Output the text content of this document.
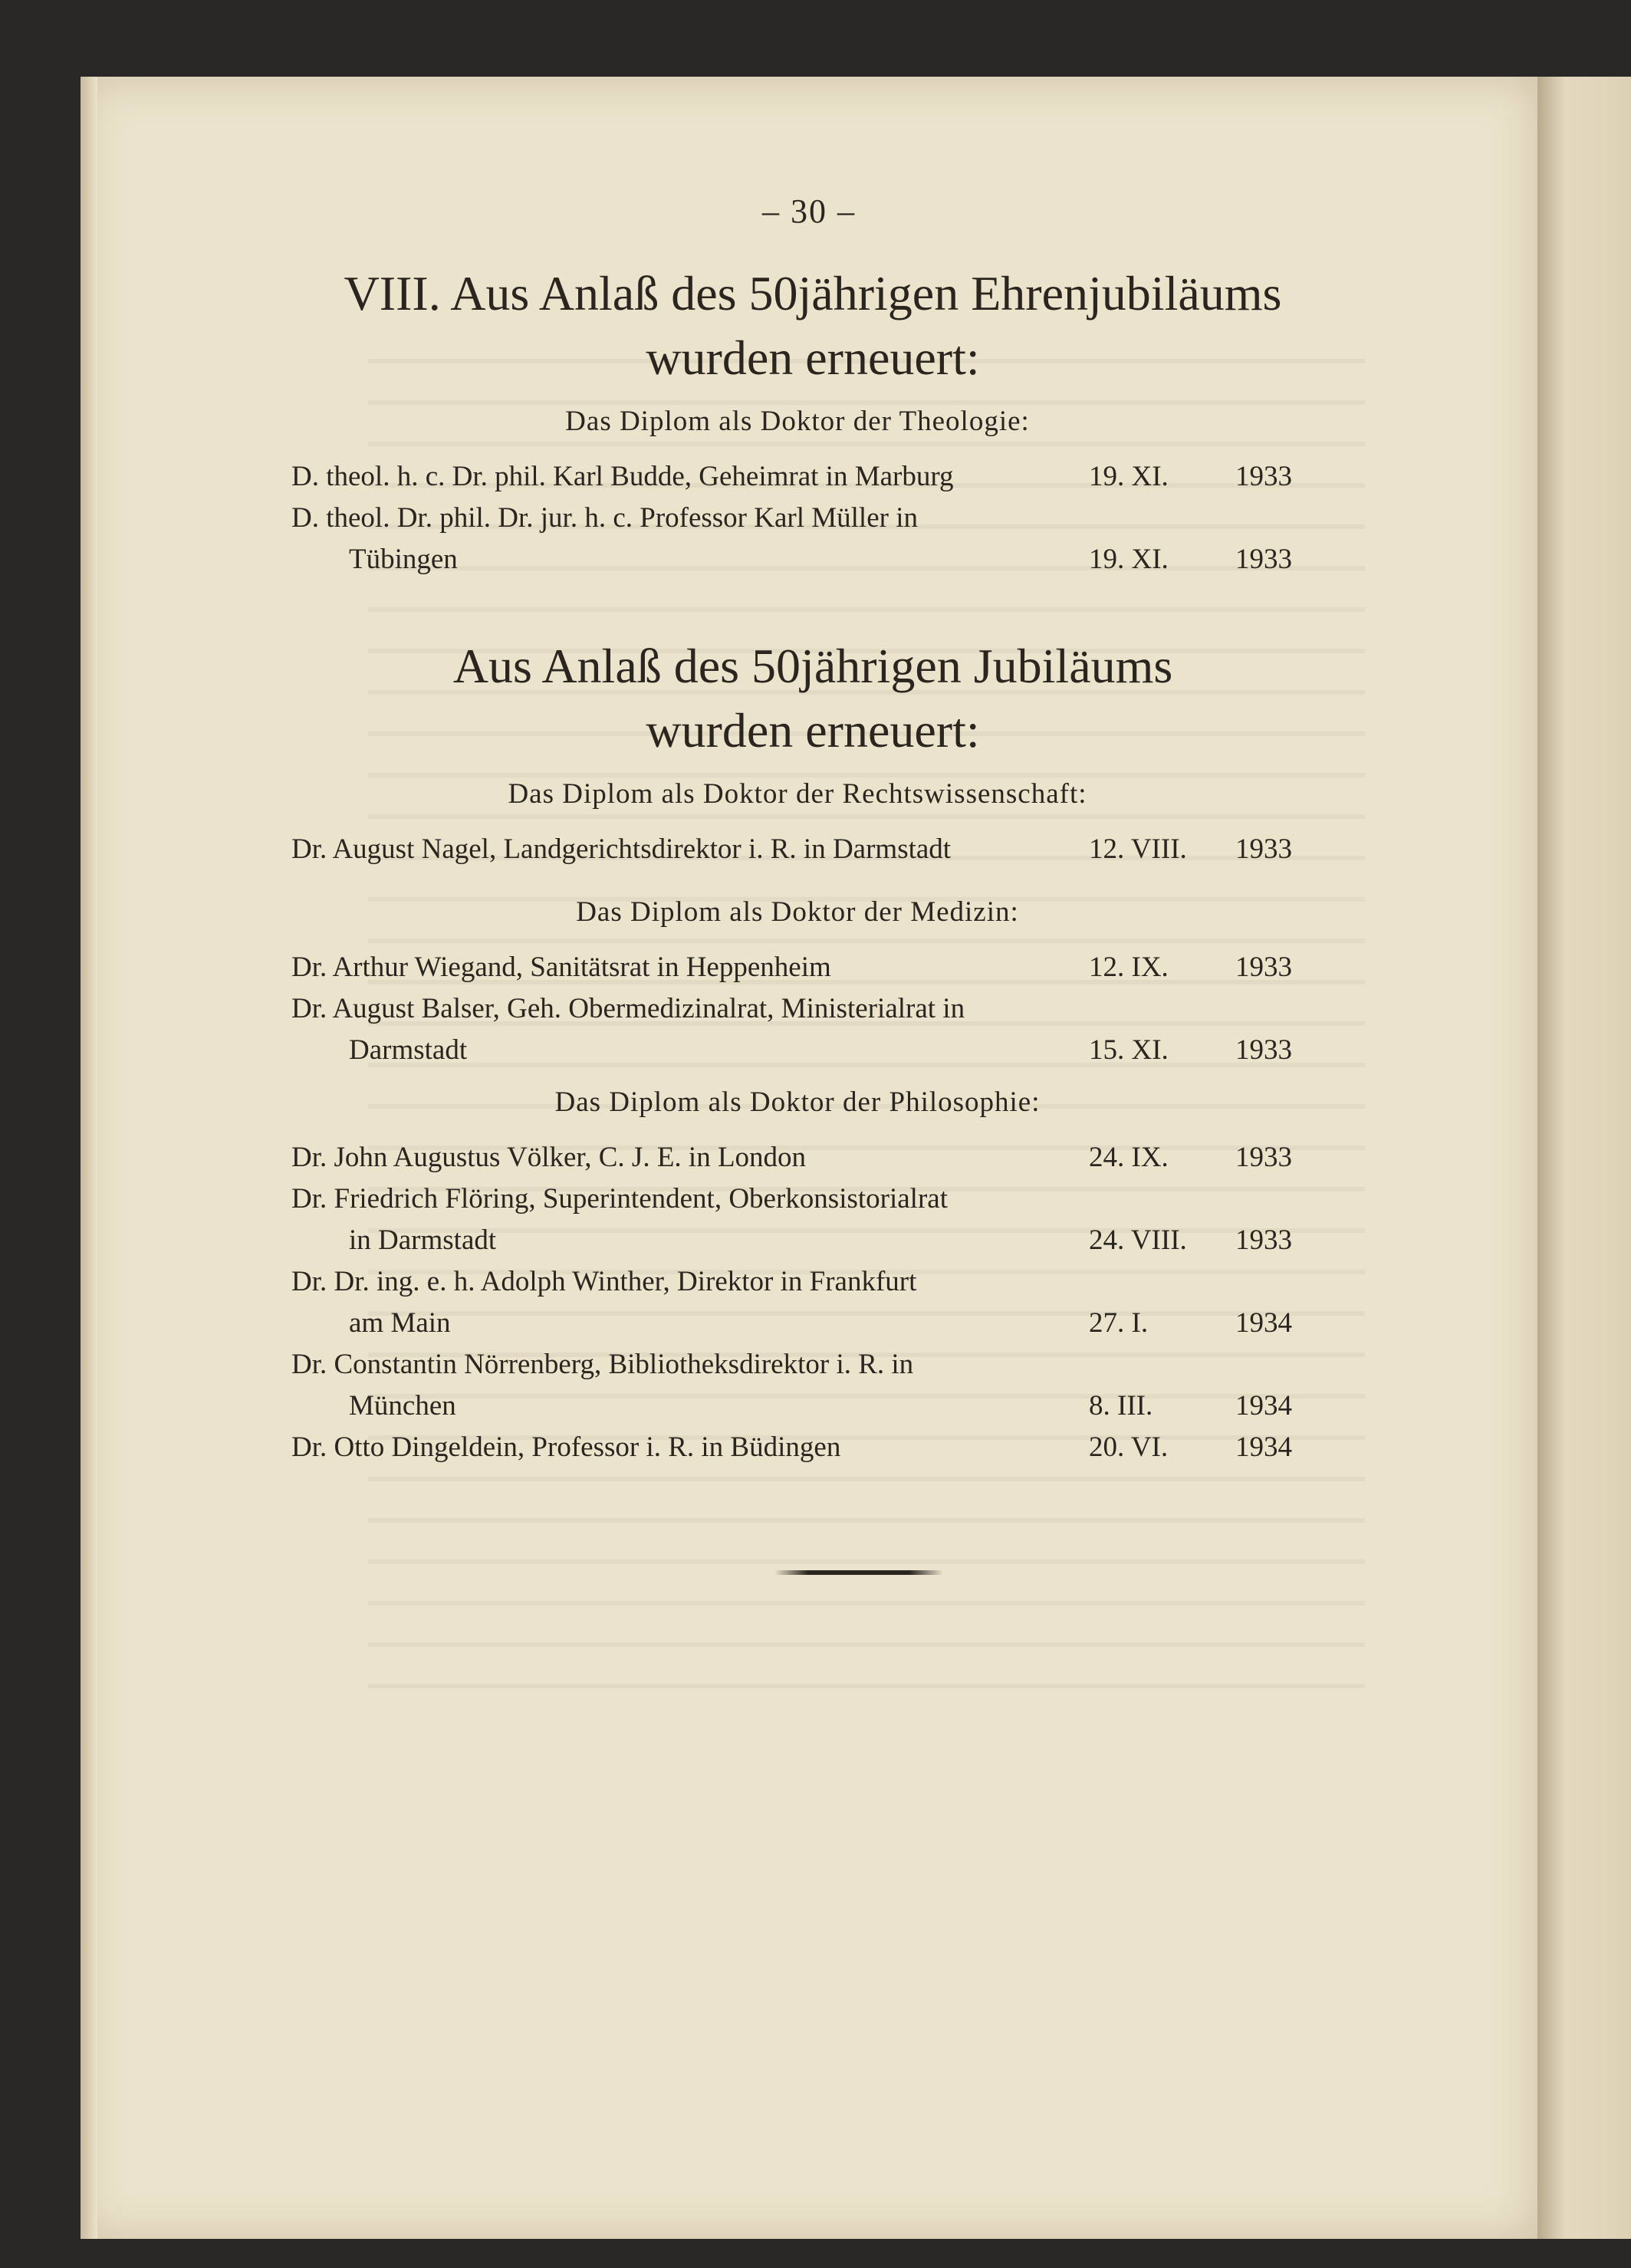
– 30 –
VIII. Aus Anlaß des 50jährigen Ehrenjubiläums
wurden erneuert:
Das Diplom als Doktor der Theologie:
D. theol. h. c. Dr. phil. Karl Budde, Geheimrat in Marburg	19. XI.	1933
D. theol. Dr. phil. Dr. jur. h. c. Professor Karl Müller in
Tübingen	19. XI.	1933
Aus Anlaß des 50jährigen Jubiläums
wurden erneuert:
Das Diplom als Doktor der Rechtswissenschaft:
Dr. August Nagel, Landgerichtsdirektor i. R. in Darmstadt	12. VIII.	1933
Das Diplom als Doktor der Medizin:
Dr. Arthur Wiegand, Sanitätsrat in Heppenheim	12. IX.	1933
Dr. August Balser, Geh. Obermedizinalrat, Ministerialrat in
Darmstadt	15. XI.	1933
Das Diplom als Doktor der Philosophie:
Dr. John Augustus Völker, C. J. E. in London	24. IX.	1933
Dr. Friedrich Flöring, Superintendent, Oberkonsistorialrat
in Darmstadt	24. VIII.	1933
Dr. Dr. ing. e. h. Adolph Winther, Direktor in Frankfurt
am Main	27. I.	1934
Dr. Constantin Nörrenberg, Bibliotheksdirektor i. R. in
München	8. III.	1934
Dr. Otto Dingeldein, Professor i. R. in Büdingen	20. VI.	1934
